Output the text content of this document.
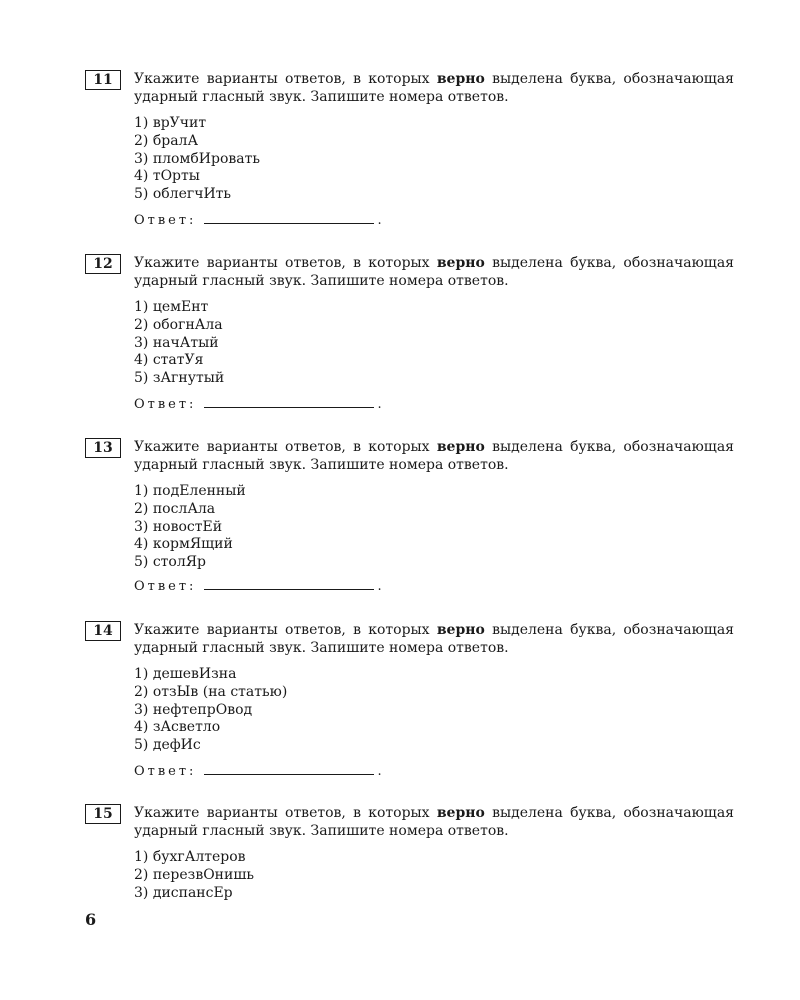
11	Укажите варианты ответов, в которых верно выделена буква, обозначающая ударный гласный звук. Запишите номера ответов.
1) врУчит
2) бралА
3) пломбИровать
4) тОрты
5) облегчИть
Ответ:	.
12	Укажите варианты ответов, в которых верно выделена буква, обозначающая ударный гласный звук. Запишите номера ответов.
1) цемЕнт
2) обогнАла
3) начАтый
4) статУя
5) зАгнутый
Ответ:	.
13	Укажите варианты ответов, в которых верно выделена буква, обозначающая ударный гласный звук. Запишите номера ответов.
1) подЕленный
2) поcлАла
3) новостЕй
4) кормЯщий
5) столЯр
Ответ:	.
14	Укажите варианты ответов, в которых верно выделена буква, обозначающая ударный гласный звук. Запишите номера ответов.
1) дешевИзна
2) отзЫв (на статью)
3) нефтепрОвод
4) зАсветло
5) дефИс
Ответ:	.
15	Укажите варианты ответов, в которых верно выделена буква, обозначающая ударный гласный звук. Запишите номера ответов.
1) бухгАлтеров
2) перезвОнишь
3) диспансЕр
6
